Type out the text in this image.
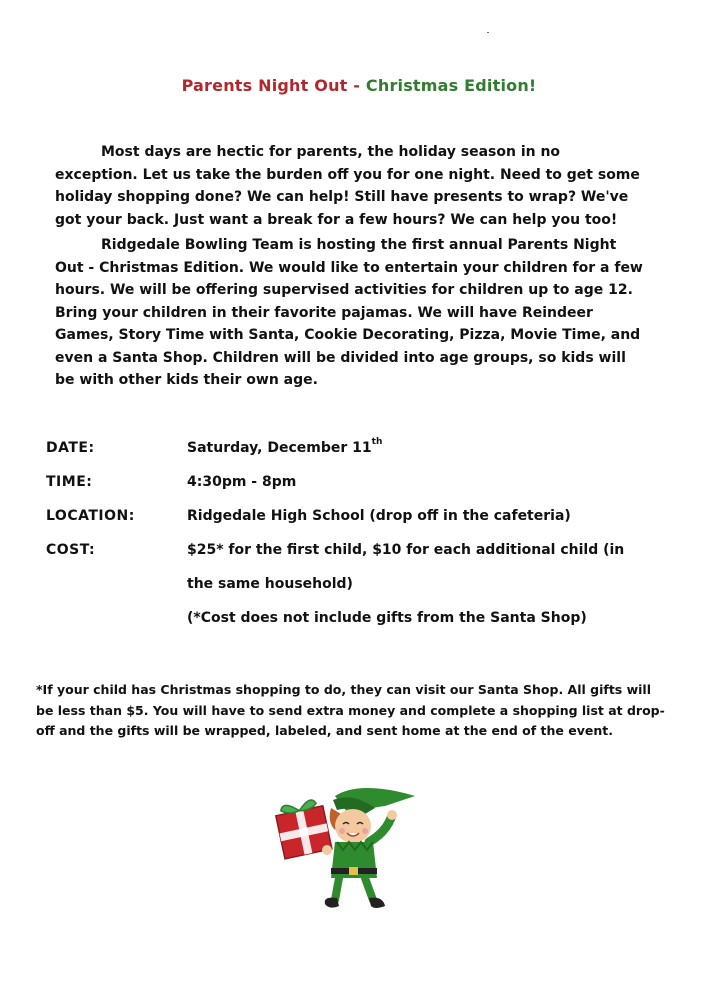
Parents Night Out - Christmas Edition!

Most days are hectic for parents, the holiday season in no exception. Let us take the burden off you for one night. Need to get some holiday shopping done? We can help! Still have presents to wrap? We've got your back. Just want a break for a few hours? We can help you too!

Ridgedale Bowling Team is hosting the first annual Parents Night Out - Christmas Edition. We would like to entertain your children for a few hours. We will be offering supervised activities for children up to age 12. Bring your children in their favorite pajamas. We will have Reindeer Games, Story Time with Santa, Cookie Decorating, Pizza, Movie Time, and even a Santa Shop. Children will be divided into age groups, so kids will be with other kids their own age.

DATE:	Saturday, December 11th
TIME:	4:30pm - 8pm
LOCATION:	Ridgedale High School (drop off in the cafeteria)
COST:	$25* for the first child, $10 for each additional child (in
the same household)
(*Cost does not include gifts from the Santa Shop)
*If your child has Christmas shopping to do, they can visit our Santa Shop. All gifts will be less than $5. You will have to send extra money and complete a shopping list at drop-off and the gifts will be wrapped, labeled, and sent home at the end of the event.
